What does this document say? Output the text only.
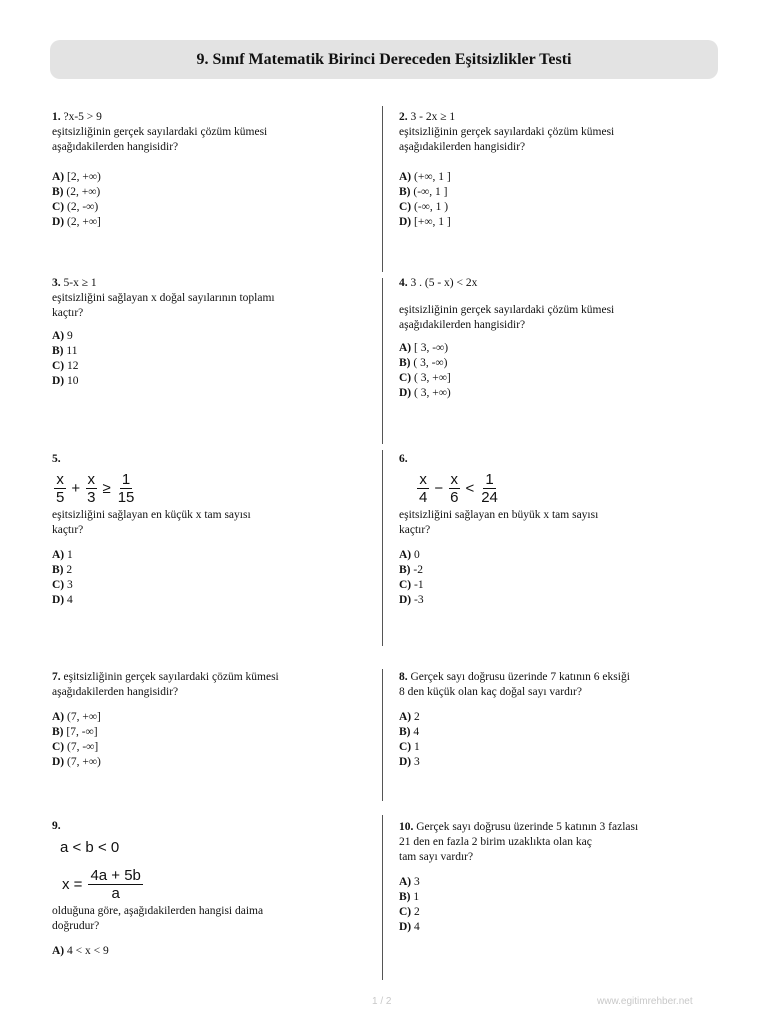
9. Sınıf Matematik Birinci Dereceden Eşitsizlikler Testi
1. ?x-5 > 9
eşitsizliğinin gerçek sayılardaki çözüm kümesi
aşağıdakilerden hangisidir?
A) [2, +∞)
B) (2, +∞)
C) (2, -∞)
D) (2, +∞]
2. 3 - 2x ≥ 1
eşitsizliğinin gerçek sayılardaki çözüm kümesi
aşağıdakilerden hangisidir?
A) (+∞, 1 ]
B) (-∞, 1 ]
C) (-∞, 1 )
D) [+∞, 1 ]
3. 5-x ≥ 1
eşitsizliğini sağlayan x doğal sayılarının toplamı
kaçtır?
A) 9
B) 11
C) 12
D) 10
4. 3 . (5 - x) < 2x
eşitsizliğinin gerçek sayılardaki çözüm kümesi
aşağıdakilerden hangisidir?
A) [ 3, -∞)
B) ( 3, -∞)
C) ( 3, +∞]
D) ( 3, +∞)
5.
$\frac{x}{5} + \frac{x}{3} \ge \frac{1}{15}$
eşitsizliğini sağlayan en küçük x tam sayısı
kaçtır?
A) 1
B) 2
C) 3
D) 4
6.
$\frac{x}{4} - \frac{x}{6} < \frac{1}{24}$
eşitsizliğini sağlayan en büyük x tam sayısı
kaçtır?
A) 0
B) -2
C) -1
D) -3
7. eşitsizliğinin gerçek sayılardaki çözüm kümesi
aşağıdakilerden hangisidir?
A) (7, +∞]
B) [7, -∞]
C) (7, -∞]
D) (7, +∞)
8. Gerçek sayı doğrusu üzerinde 7 katının 6 eksiği
8 den küçük olan kaç doğal sayı vardır?
A) 2
B) 4
C) 1
D) 3
9.
a < b < 0
$x = \frac{4a + 5b}{a}$
olduğuna göre, aşağıdakilerden hangisi daima
doğrudur?
A) 4 < x < 9
10. Gerçek sayı doğrusu üzerinde 5 katının 3 fazlası
21 den en fazla 2 birim uzaklıkta olan kaç
tam sayı vardır?
A) 3
B) 1
C) 2
D) 4
1 / 2	www.egitimrehber.net
